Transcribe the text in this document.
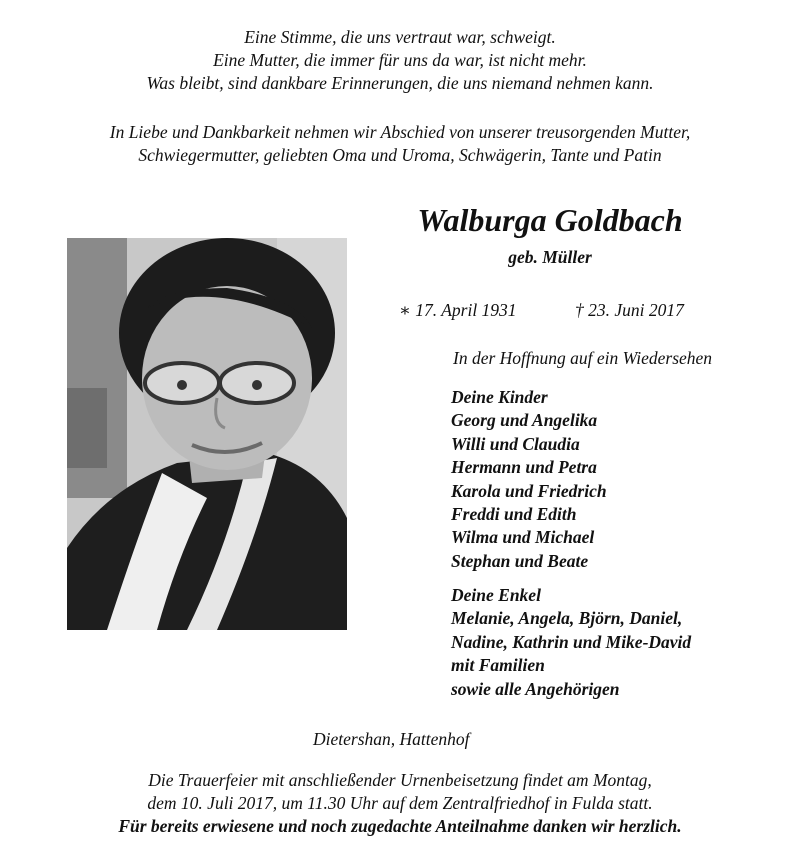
Eine Stimme, die uns vertraut war, schweigt.
Eine Mutter, die immer für uns da war, ist nicht mehr.
Was bleibt, sind dankbare Erinnerungen, die uns niemand nehmen kann.
In Liebe und Dankbarkeit nehmen wir Abschied von unserer treusorgenden Mutter,
Schwiegermutter, geliebten Oma und Uroma, Schwägerin, Tante und Patin
Walburga Goldbach
geb. Müller
∗ 17. April 1931	† 23. Juni 2017
In der Hoffnung auf ein Wiedersehen
Deine Kinder
Georg und Angelika
Willi und Claudia
Hermann und Petra
Karola und Friedrich
Freddi und Edith
Wilma und Michael
Stephan und Beate
Deine Enkel
Melanie, Angela, Björn, Daniel,
Nadine, Kathrin und Mike-David
mit Familien
sowie alle Angehörigen
Dietershan, Hattenhof
Die Trauerfeier mit anschließender Urnenbeisetzung findet am Montag,
dem 10. Juli 2017, um 11.30 Uhr auf dem Zentralfriedhof in Fulda statt.
Für bereits erwiesene und noch zugedachte Anteilnahme danken wir herzlich.
